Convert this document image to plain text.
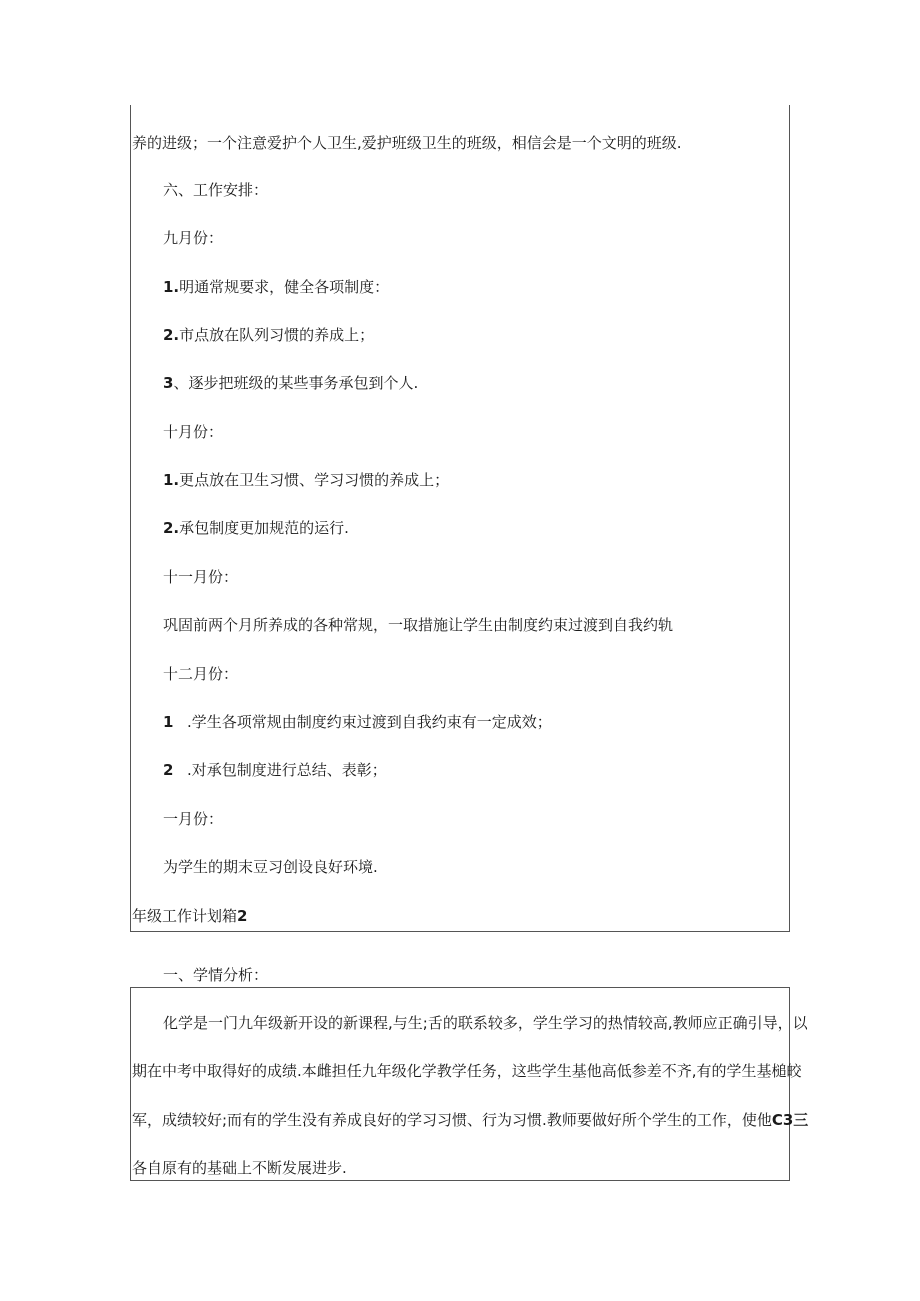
养的进级；一个注意爱护个人卫生,爱护班级卫生的班级，相信会是一个文明的班级.
六、工作安排：
九月份：
1.明通常规要求，健全各项制度：
2.市点放在队列习惯的养成上；
3、逐步把班级的某些事务承包到个人.
十月份：
1.更点放在卫生习惯、学习习惯的养成上；
2.承包制度更加规范的运行.
十一月份：
巩固前两个月所养成的各种常规，一取措施让学生由制度约束过渡到自我约轨
十二月份：
1 .学生各项常规由制度约束过渡到自我约束有一定成效；
2 .对承包制度进行总结、表彰；
一月份：
为学生的期末豆习创设良好环境.
年级工作计划箱2
一、学情分析：
化学是一门九年级新开设的新课程,与生;舌的联系较多，学生学习的热情较高,教师应正确引导，以
期在中考中取得好的成绩.本雌担任九年级化学教学任务，这些学生基他高低参差不齐,有的学生基槌皎
军，成绩较好;而有的学生没有养成良好的学习习惯、行为习惯.教师要做好所个学生的工作，使他C3三
各自原有的基础上不断发展进步.
